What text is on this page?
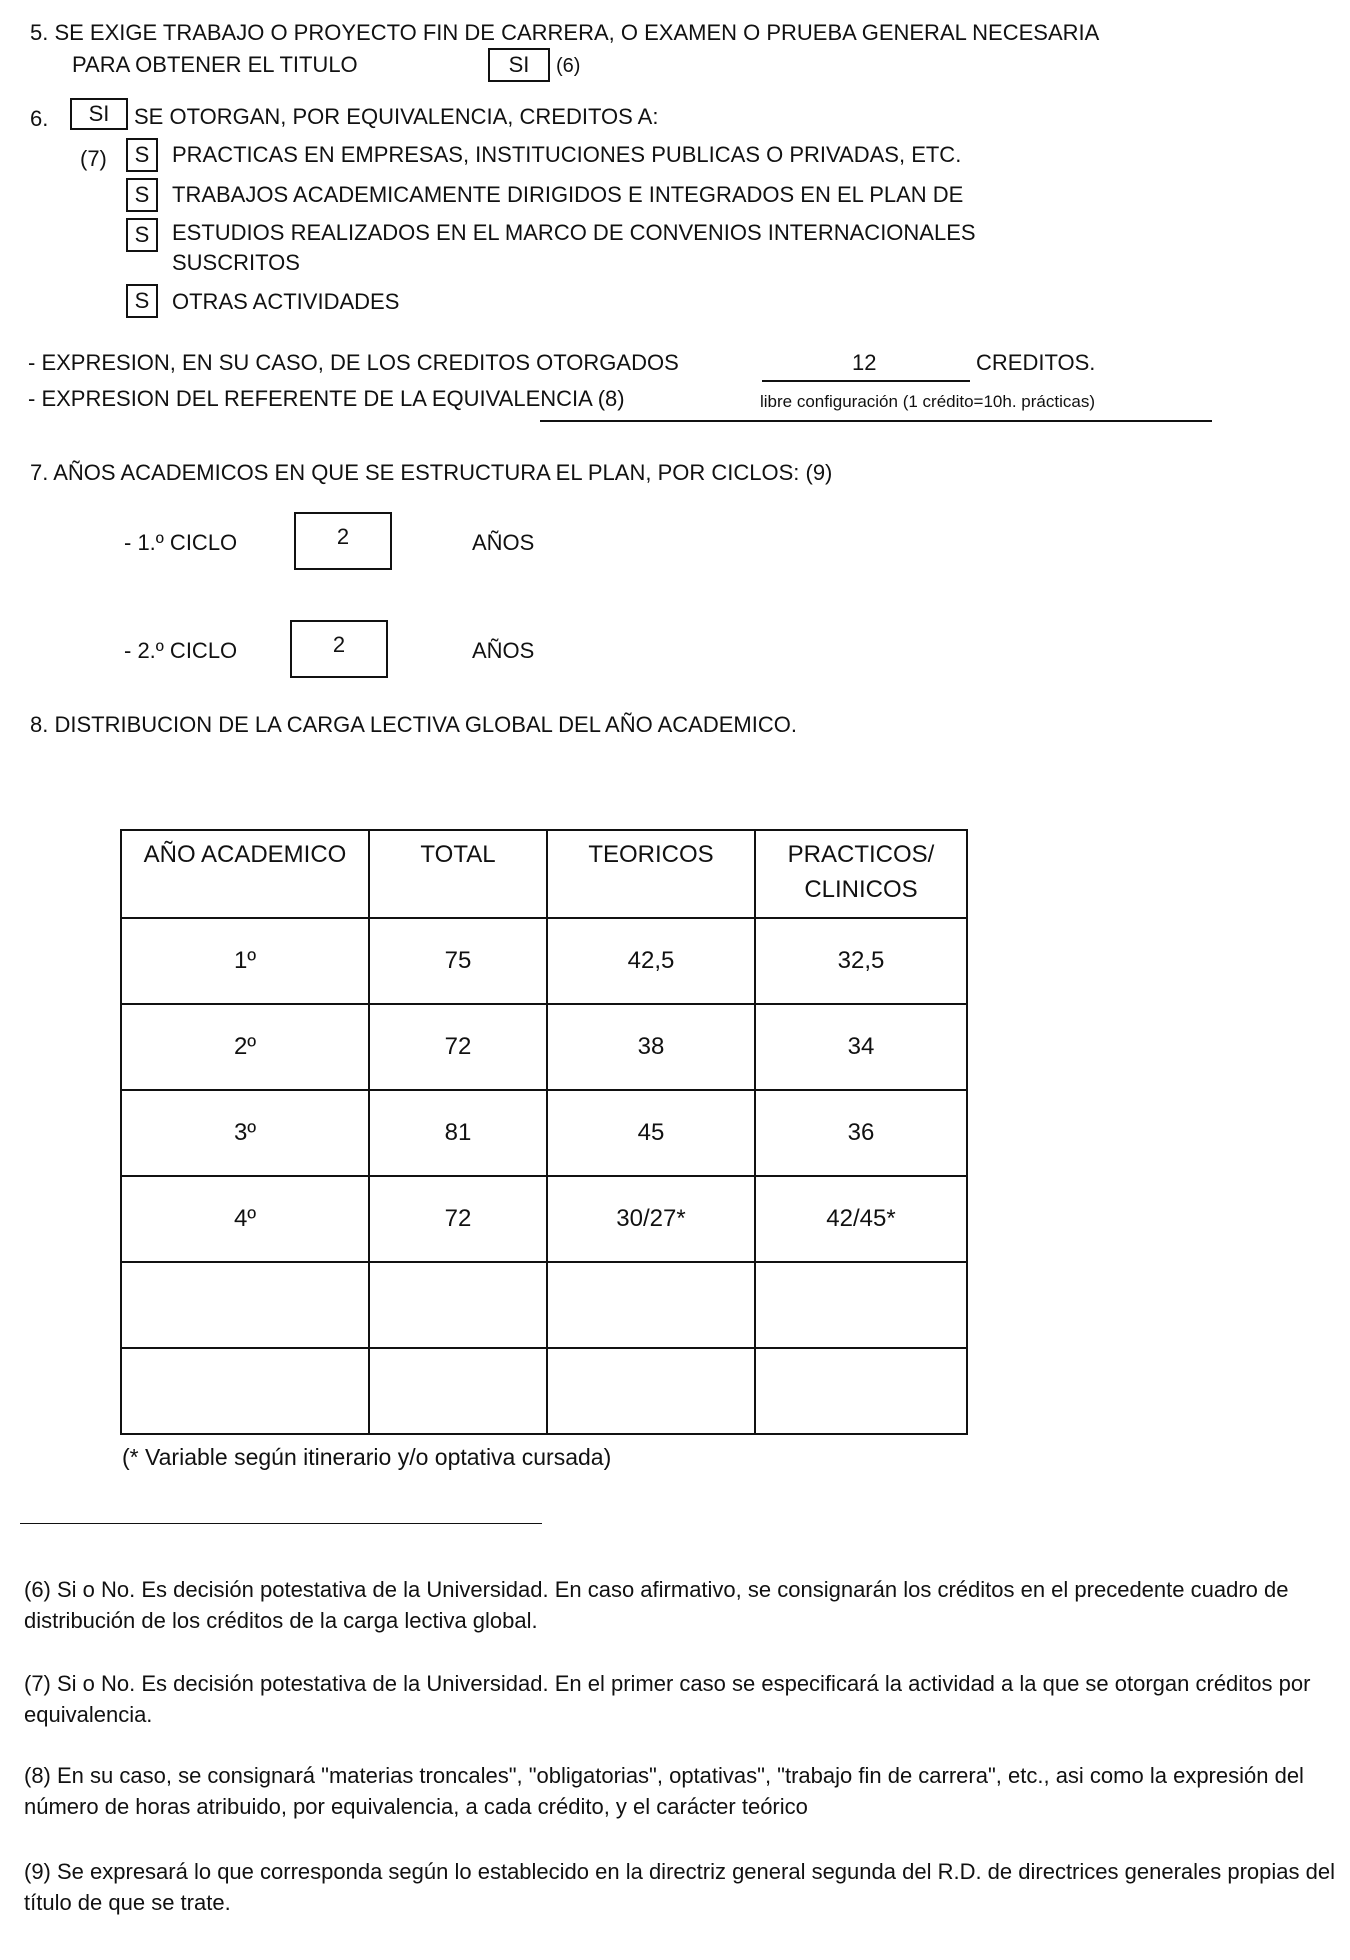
5. SE EXIGE TRABAJO O PROYECTO FIN DE CARRERA, O EXAMEN O PRUEBA GENERAL NECESARIA
PARA OBTENER EL TITULO	SI	(6)
6.	SI	SE OTORGAN, POR EQUIVALENCIA, CREDITOS A:
(7)	S	PRACTICAS EN EMPRESAS, INSTITUCIONES PUBLICAS O PRIVADAS, ETC.
S	TRABAJOS ACADEMICAMENTE DIRIGIDOS E INTEGRADOS EN EL PLAN DE
S	ESTUDIOS REALIZADOS EN EL MARCO DE CONVENIOS INTERNACIONALES
SUSCRITOS
S	OTRAS ACTIVIDADES
- EXPRESION, EN SU CASO, DE LOS CREDITOS OTORGADOS	12	CREDITOS.
- EXPRESION DEL REFERENTE DE LA EQUIVALENCIA (8)	libre configuración (1 crédito=10h. prácticas)
7. AÑOS ACADEMICOS EN QUE SE ESTRUCTURA EL PLAN, POR CICLOS: (9)
- 1.º CICLO	2	AÑOS
- 2.º CICLO	2	AÑOS
8. DISTRIBUCION DE LA CARGA LECTIVA GLOBAL DEL AÑO ACADEMICO.
AÑO ACADEMICO	TOTAL	TEORICOS	PRACTICOS/ CLINICOS
1º	75	42,5	32,5
2º	72	38	34
3º	81	45	36
4º	72	30/27*	42/45*

(* Variable según itinerario y/o optativa cursada)
(6) Si o No. Es decisión potestativa de la Universidad. En caso afirmativo, se consignarán los créditos en el precedente cuadro de distribución de los créditos de la carga lectiva global.
(7) Si o No. Es decisión potestativa de la Universidad. En el primer caso se especificará la actividad a la que se otorgan créditos por equivalencia.
(8) En su caso, se consignará "materias troncales", "obligatorias", optativas", "trabajo fin de carrera", etc., asi como la expresión del número de horas atribuido, por equivalencia, a cada crédito, y el carácter teórico
(9) Se expresará lo que corresponda según lo establecido en la directriz general segunda del R.D. de directrices generales propias del título de que se trate.
